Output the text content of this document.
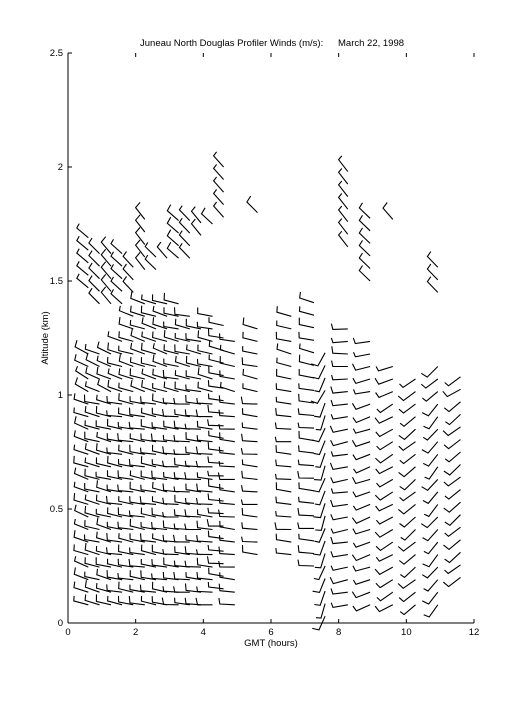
Juneau North Douglas Profiler Winds (m/s): March 22, 1998
0	2	4	6	8	10	12
0
0.5
1
1.5
2
2.5
GMT (hours)
Altitude (km)
